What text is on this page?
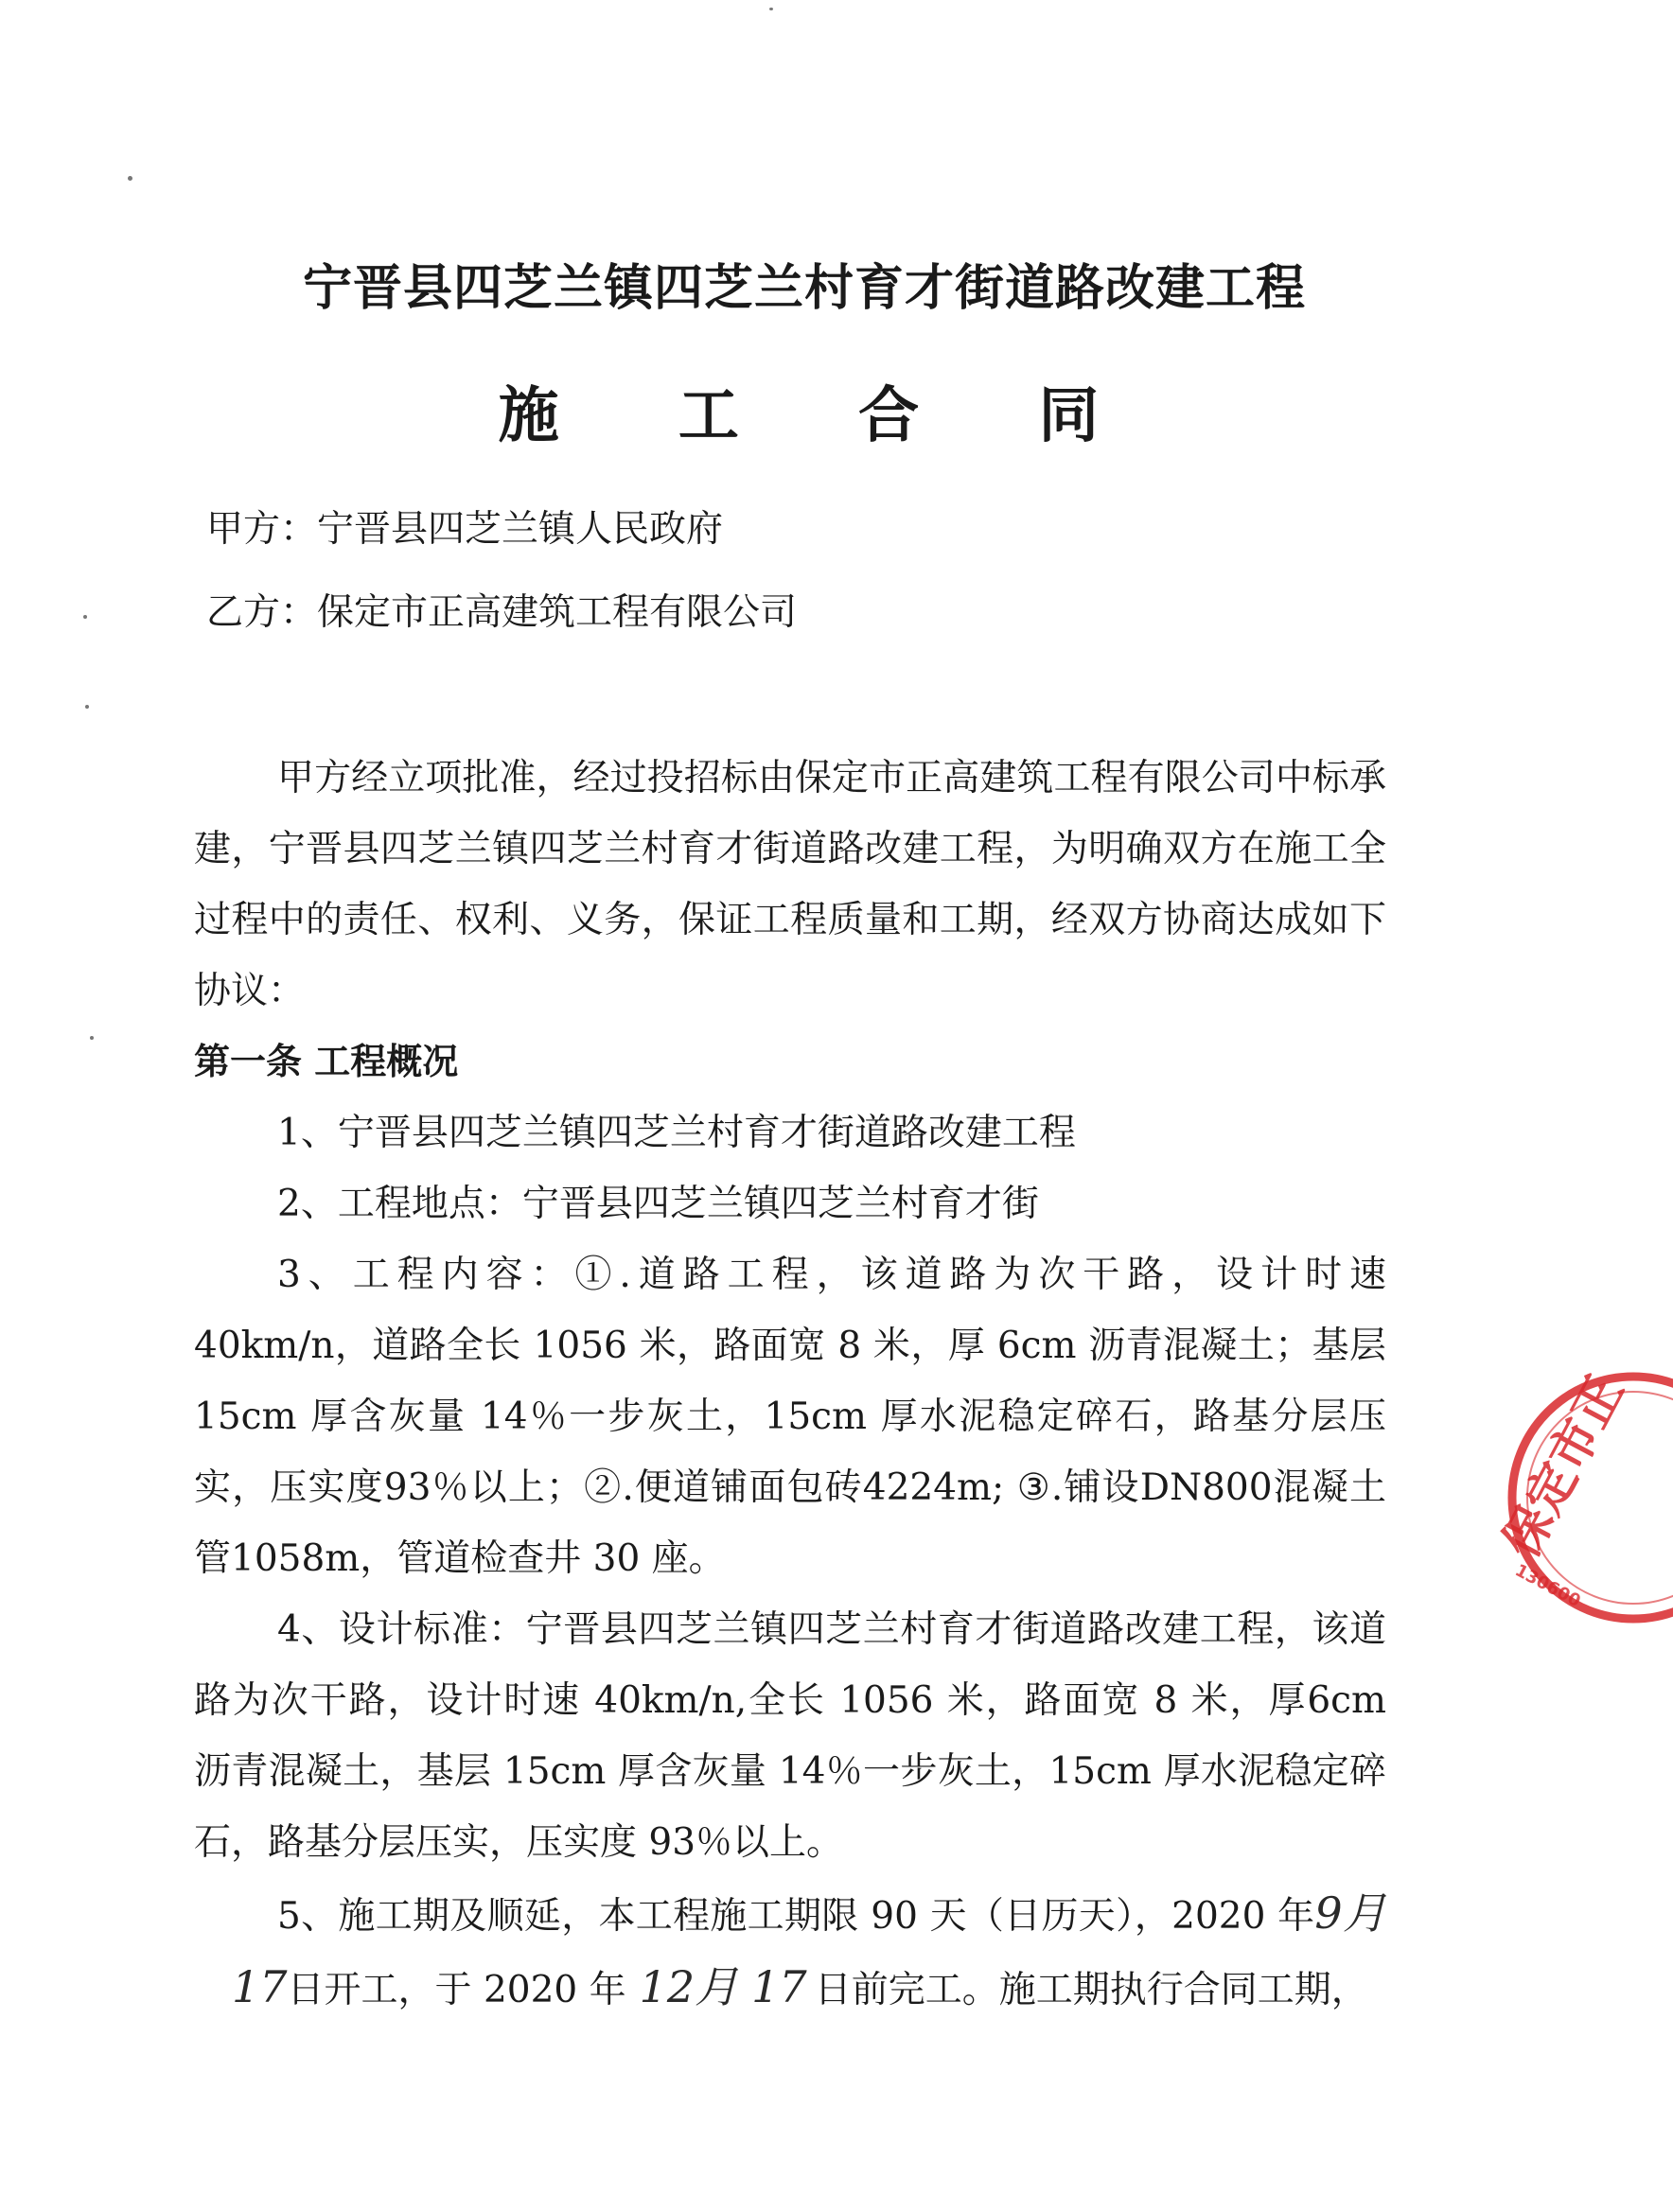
宁晋县四芝兰镇四芝兰村育才街道路改建工程
施 工 合 同
甲方：宁晋县四芝兰镇人民政府
乙方：保定市正高建筑工程有限公司

甲方经立项批准，经过投招标由保定市正高建筑工程有限公司中标承建，宁晋县四芝兰镇四芝兰村育才街道路改建工程，为明确双方在施工全过程中的责任、权利、义务，保证工程质量和工期，经双方协商达成如下协议：

第一条 工程概况

1、宁晋县四芝兰镇四芝兰村育才街道路改建工程

2、工程地点：宁晋县四芝兰镇四芝兰村育才街

3、工程内容：①.道路工程，该道路为次干路，设计时速 40km/n，道路全长 1056 米，路面宽 8 米，厚 6cm 沥青混凝土；基层 15cm 厚含灰量 14％一步灰土，15cm 厚水泥稳定碎石，路基分层压实，压实度93％以上；②.便道铺面包砖4224m; ③.铺设DN800混凝土管1058m，管道检查井 30 座。

4、设计标准：宁晋县四芝兰镇四芝兰村育才街道路改建工程，该道路为次干路，设计时速 40km/n,全长 1056 米，路面宽 8 米，厚6cm 沥青混凝土，基层 15cm 厚含灰量 14％一步灰土，15cm 厚水泥稳定碎石，路基分层压实，压实度 93％以上。

5、施工期及顺延，本工程施工期限 90 天（日历天），2020 年9月17日开工，于 2020 年 12月 17 日前完工。施工期执行合同工期，

保定市正
130600
